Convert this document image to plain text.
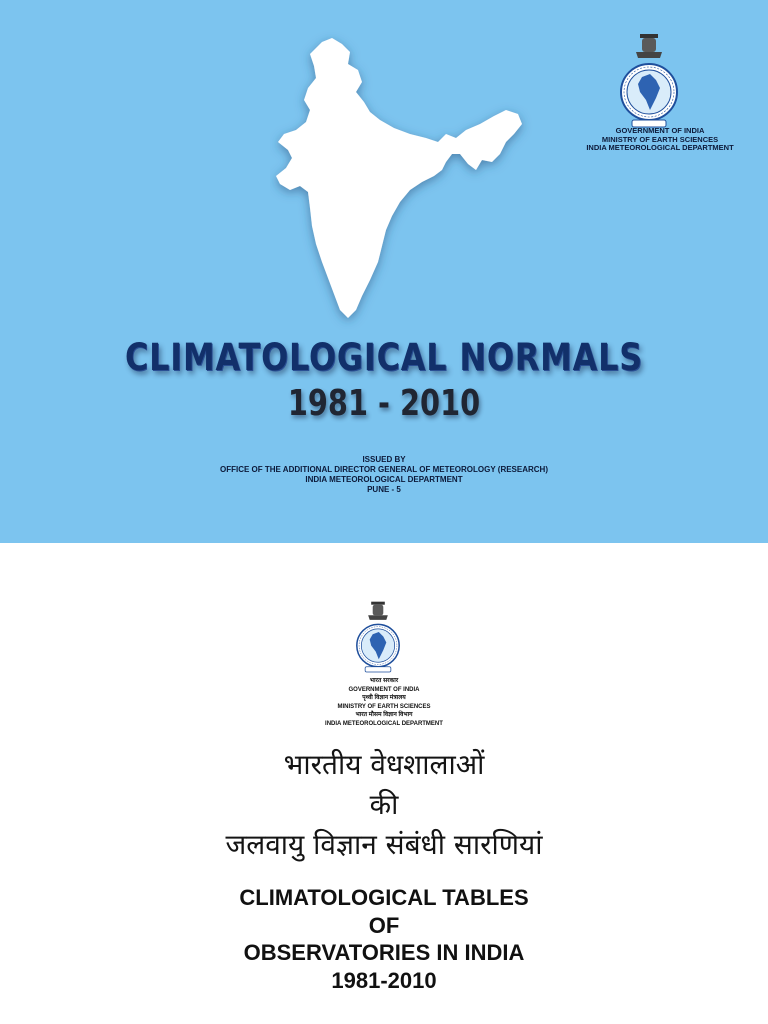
GOVERNMENT OF INDIA
MINISTRY OF EARTH SCIENCES
INDIA METEOROLOGICAL DEPARTMENT
CLIMATOLOGICAL NORMALS
1981 - 2010
ISSUED BY
OFFICE OF THE ADDITIONAL DIRECTOR GENERAL OF METEOROLOGY (RESEARCH)
INDIA METEOROLOGICAL DEPARTMENT
PUNE - 5
भारत सरकार
GOVERNMENT OF INDIA
पृथ्वी विज्ञान मंत्रालय
MINISTRY OF EARTH SCIENCES
भारत मौसम विज्ञान विभाग
INDIA METEOROLOGICAL DEPARTMENT
भारतीय वेधशालाओं
की
जलवायु विज्ञान संबंधी सारणियां
CLIMATOLOGICAL TABLES
OF
OBSERVATORIES IN INDIA
1981-2010
